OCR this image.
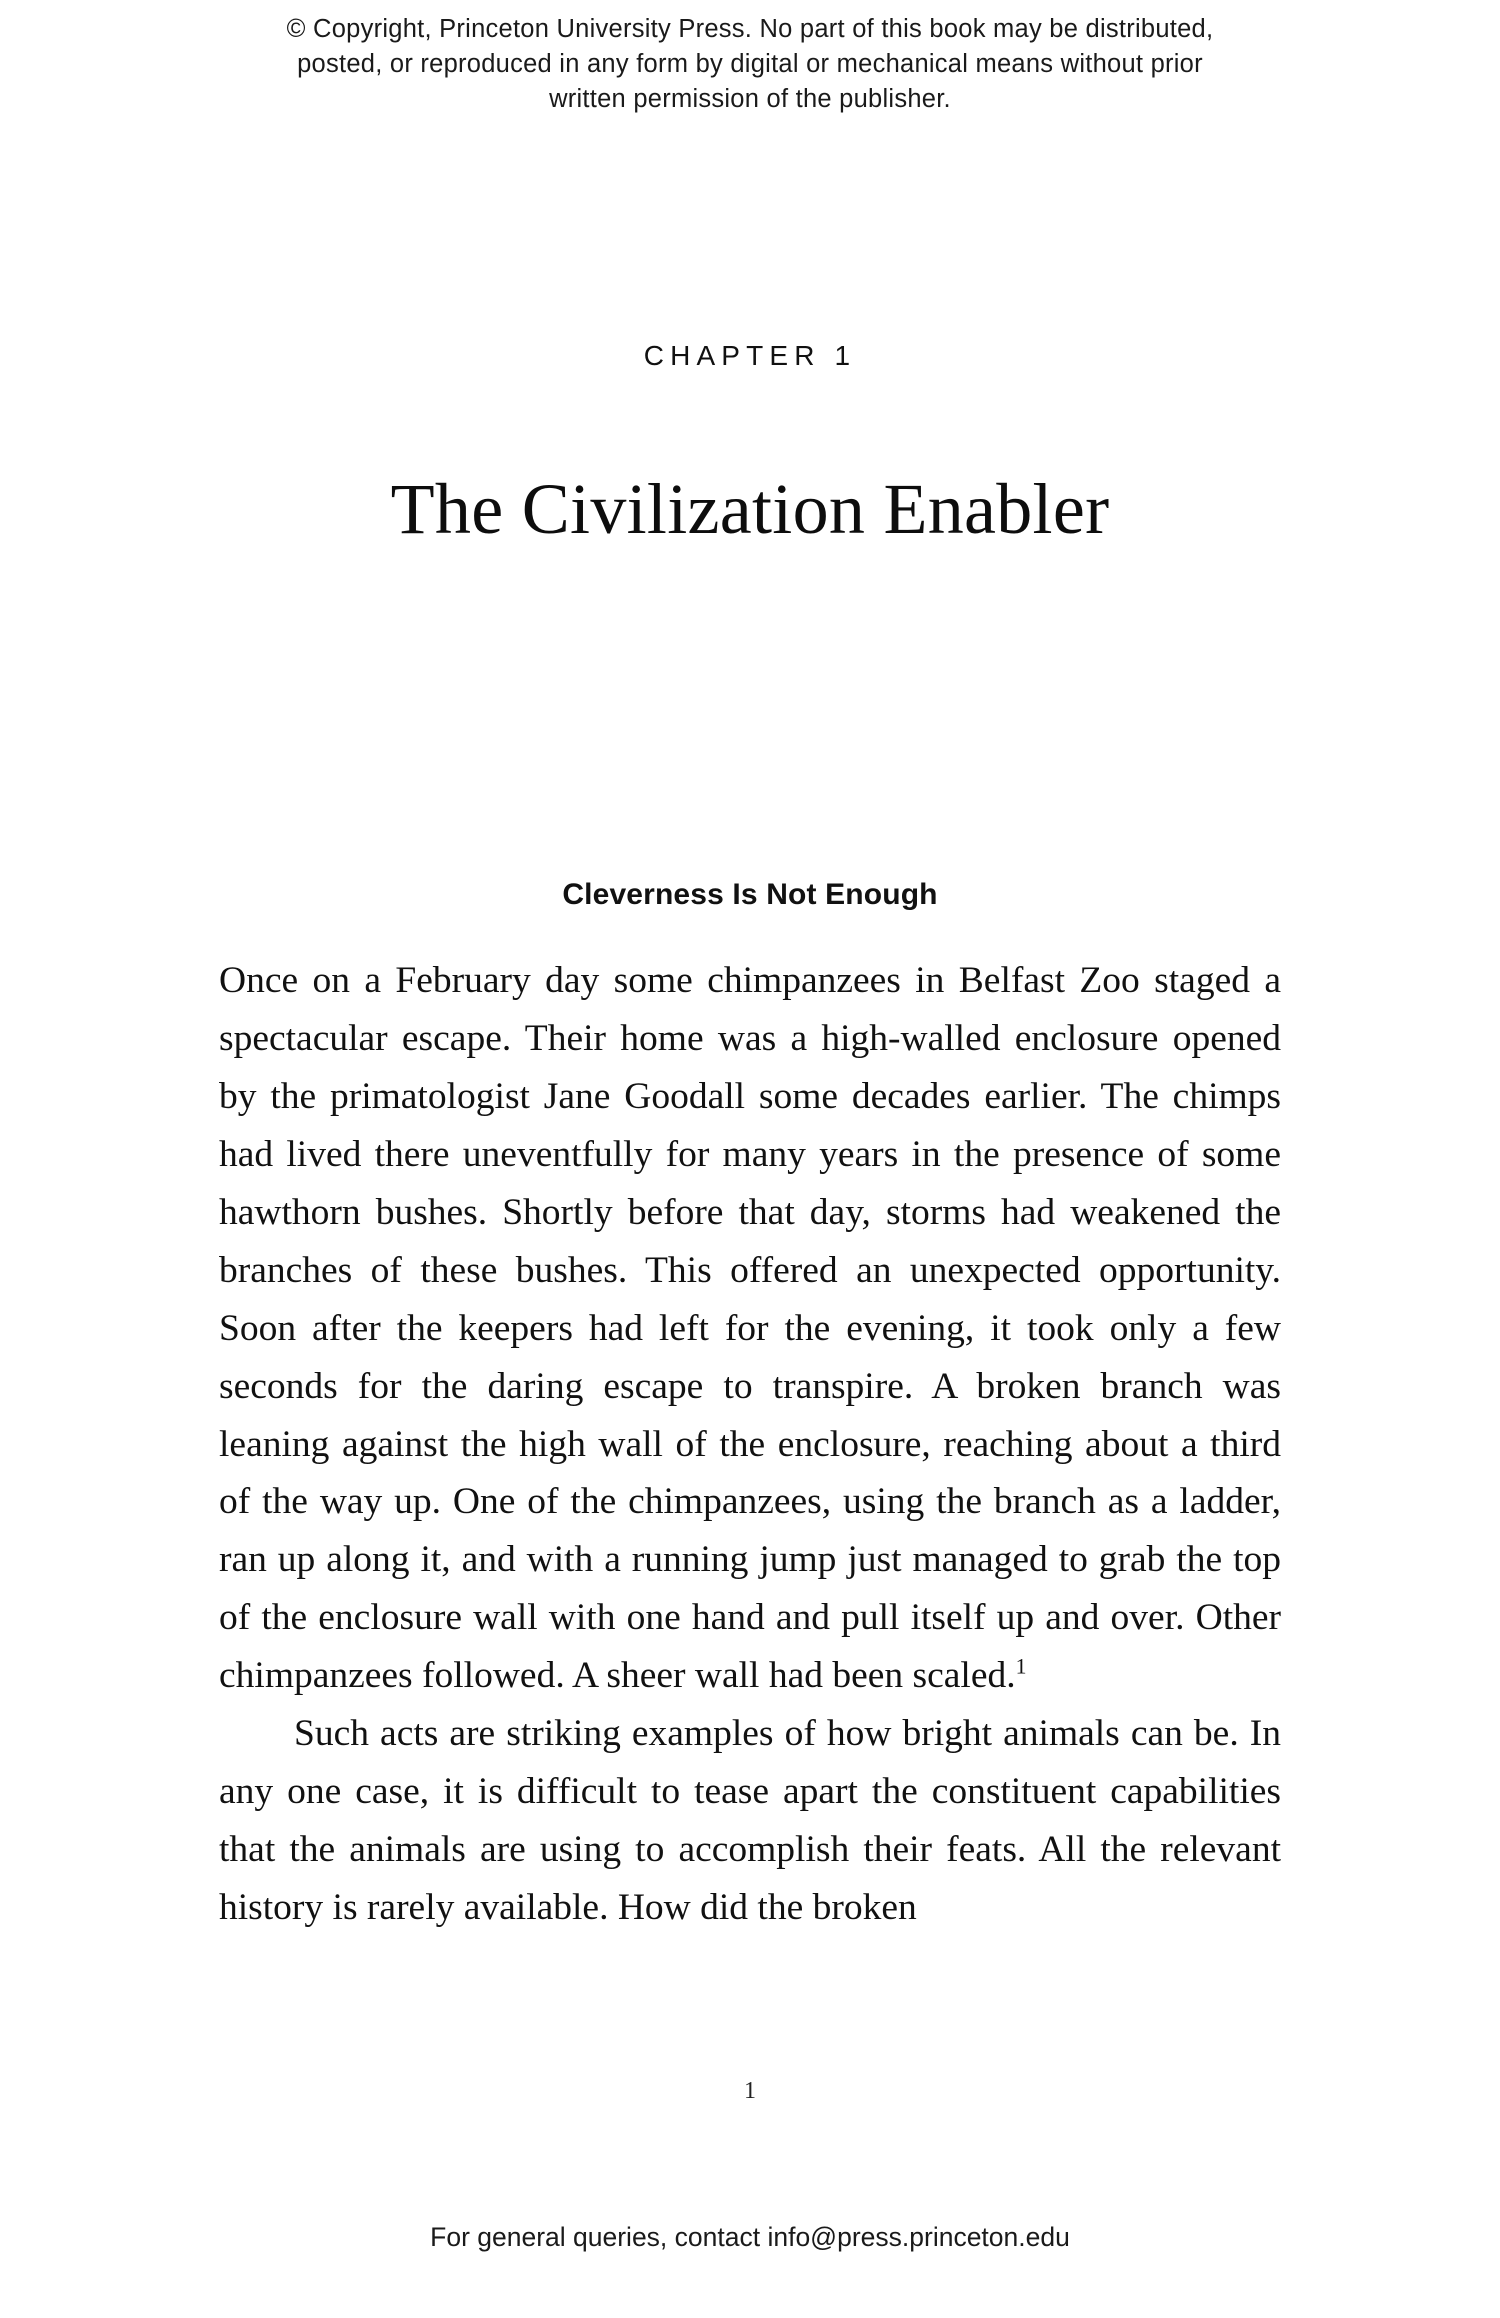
© Copyright, Princeton University Press. No part of this book may be distributed, posted, or reproduced in any form by digital or mechanical means without prior written permission of the publisher.
CHAPTER 1
The Civilization Enabler
Cleverness Is Not Enough

Once on a February day some chimpanzees in Belfast Zoo staged a spectacular escape. Their home was a high-walled enclosure opened by the primatologist Jane Goodall some decades earlier. The chimps had lived there uneventfully for many years in the presence of some hawthorn bushes. Shortly before that day, storms had weakened the branches of these bushes. This offered an unexpected opportunity. Soon after the keepers had left for the evening, it took only a few seconds for the daring escape to transpire. A broken branch was leaning against the high wall of the enclosure, reaching about a third of the way up. One of the chimpanzees, using the branch as a ladder, ran up along it, and with a running jump just managed to grab the top of the enclosure wall with one hand and pull itself up and over. Other chimpanzees followed. A sheer wall had been scaled.$^1$

Such acts are striking examples of how bright animals can be. In any one case, it is difficult to tease apart the constituent capabilities that the animals are using to accomplish their feats. All the relevant history is rarely available. How did the broken

1
For general queries, contact info@press.princeton.edu
